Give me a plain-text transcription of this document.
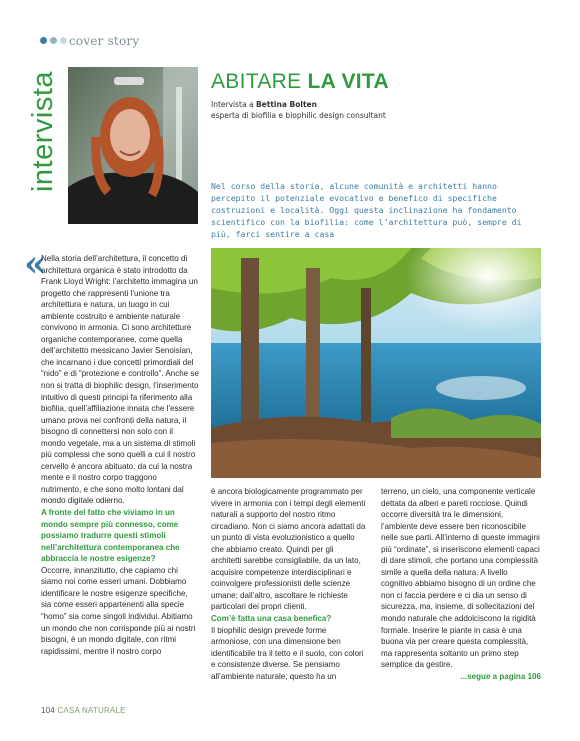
cover story
intervista	ABITARE LA VITA
Intervista a Bettina Bolten
esperta di biofilia e biophilic design consultant
Nel corso della storia, alcune comunità e architetti hanno percepito il potenziale evocativo e benefico di specifiche costruzioni e località. Oggi questa inclinazione ha fondamento scientifico con la biofilia: come l’architettura può, sempre di più, farci sentire a casa
«

Nella storia dell’architettura, il concetto di architettura organica è stato introdotto da Frank Lloyd Wright: l’architetto immagina un progetto che rappresenti l’unione tra architettura e natura, un luogo in cui ambiente costruito e ambiente naturale convivono in armonia. Ci sono architetture organiche contemporanee, come quella dell’architetto messicano Javier Senoisian, che incarnano i due concetti primordiali del “nido” e di “protezione e controllo”. Anche se non si tratta di biophilic design, l’inserimento intuitivo di questi principi fa riferimento alla biofilia, quell’affiliazione innata che l’essere umano prova nei confronti della natura, il bisogno di connettersi non solo con il mondo vegetale, ma a un sistema di stimoli più complessi che sono quelli a cui il nostro cervello è ancora abituato, da cui la nostra mente e il nostro corpo traggono nutrimento, e che sono molto lontani dal mondo digitale odierno.

A fronte del fatto che viviamo in un mondo sempre più connesso, come possiamo tradurre questi stimoli nell’architettura contemporanea che abbraccia le nostre esigenze?

Occorre, innanzitutto, che capiamo chi siamo noi come esseri umani. Dobbiamo identificare le nostre esigenze specifiche, sia come esseri appartenenti alla specie “homo” sia come singoli individui. Abitiamo un mondo che non corrisponde più ai nostri bisogni, è un mondo digitale, con ritmi rapidissimi, mentre il nostro corpo

è ancora biologicamente programmato per vivere in armonia con i tempi degli elementi naturali a supporto del nostro ritmo circadiano. Non ci siamo ancora adattati da un punto di vista evoluzionistico a quello che abbiamo creato. Quindi per gli architetti sarebbe consigliabile, da un lato, acquisire competenze interdisciplinari e coinvolgere professionisti delle scienze umane; dall’altro, ascoltare le richieste particolari dei propri clienti.

Com’è fatta una casa benefica?

Il biophilic design prevede forme armoniose, con una dimensione ben identificabile tra il tetto e il suolo, con colori e consistenze diverse. Se pensiamo all’ambiente naturale, questo ha un

terreno, un cielo, una componente verticale dettata da alberi e pareti rocciose. Quindi occorre diversità tra le dimensioni, l’ambiente deve essere ben riconoscibile nelle sue parti. All’interno di queste immagini più “ordinate”, si inseriscono elementi capaci di dare stimoli, che portano una complessità simile a quella della natura. A livello cognitivo abbiamo bisogno di un ordine che non ci faccia perdere e ci dia un senso di sicurezza, ma, insieme, di sollecitazioni del mondo naturale che addolciscono la rigidità formale. Inserire le piante in casa è una buona via per creare questa complessità, ma rappresenta soltanto un primo step semplice da gestire.

...segue a pagina 106
104 CASA NATURALE
